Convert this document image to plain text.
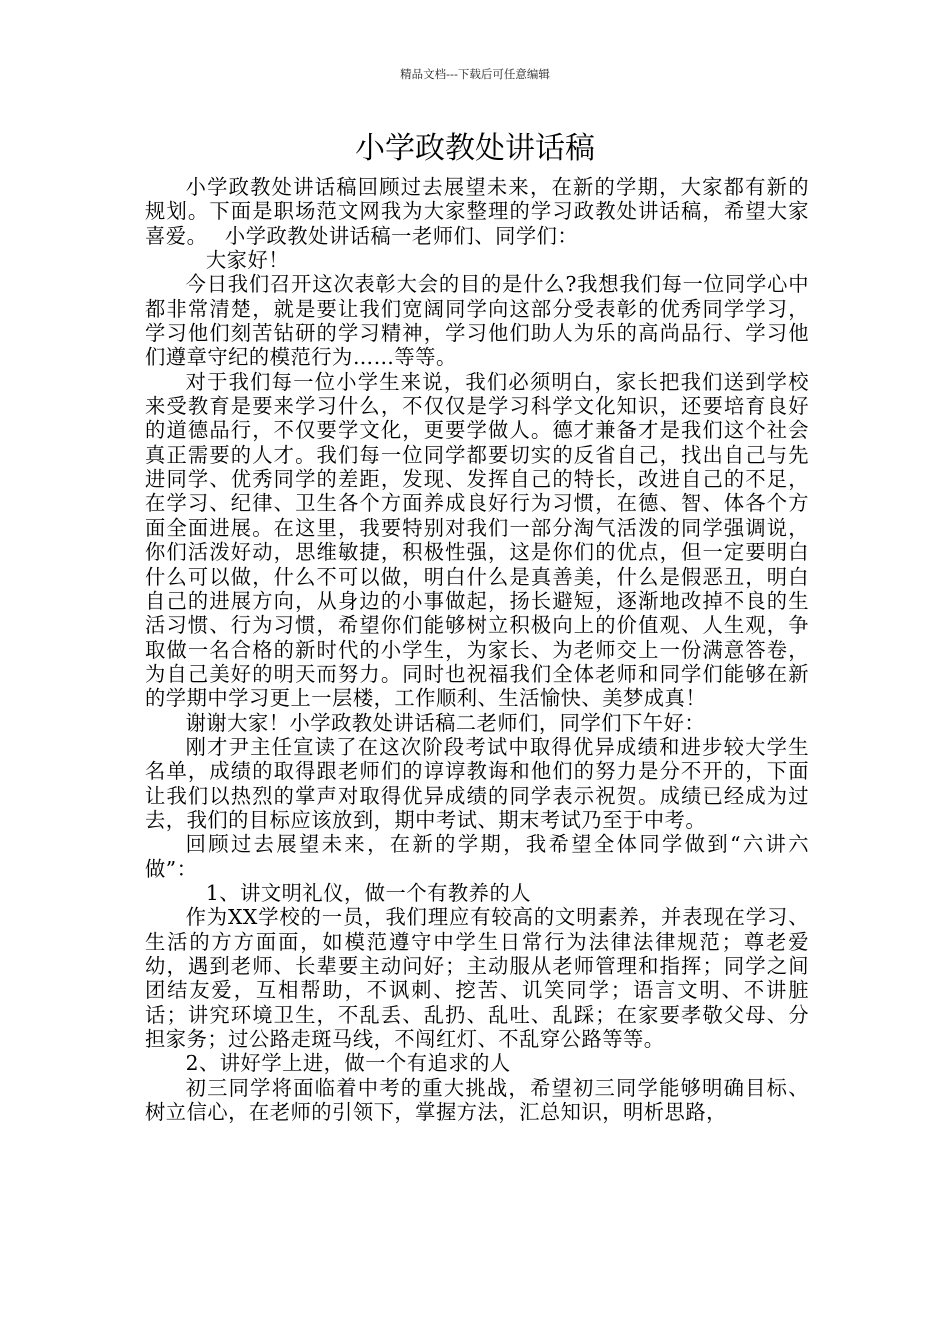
精品文档---下载后可任意编辑
小学政教处讲话稿

小学政教处讲话稿回顾过去展望未来，在新的学期，大家都有新的规划。下面是职场范文网我为大家整理的学习政教处讲话稿，希望大家喜爱。　 小学政教处讲话稿一老师们、同学们：

大家好！

今日我们召开这次表彰大会的目的是什么?我想我们每一位同学心中都非常清楚，就是要让我们宽阔同学向这部分受表彰的优秀同学学习，学习他们刻苦钻研的学习精神，学习他们助人为乐的高尚品行、学习他们遵章守纪的模范行为……等等。

对于我们每一位小学生来说，我们必须明白，家长把我们送到学校来受教育是要来学习什么，不仅仅是学习科学文化知识，还要培育良好的道德品行，不仅要学文化，更要学做人。德才兼备才是我们这个社会真正需要的人才。我们每一位同学都要切实的反省自己，找出自己与先进同学、优秀同学的差距，发现、发挥自己的特长，改进自己的不足，在学习、纪律、卫生各个方面养成良好行为习惯，在德、智、体各个方面全面进展。在这里，我要特别对我们一部分淘气活泼的同学强调说，你们活泼好动，思维敏捷，积极性强，这是你们的优点，但一定要明白什么可以做，什么不可以做，明白什么是真善美，什么是假恶丑，明白自己的进展方向，从身边的小事做起，扬长避短，逐渐地改掉不良的生活习惯、行为习惯，希望你们能够树立积极向上的价值观、人生观，争取做一名合格的新时代的小学生，为家长、为老师交上一份满意答卷，为自己美好的明天而努力。同时也祝福我们全体老师和同学们能够在新的学期中学习更上一层楼，工作顺利、生活愉快、美梦成真！

谢谢大家！小学政教处讲话稿二老师们，同学们下午好：

刚才尹主任宣读了在这次阶段考试中取得优异成绩和进步较大学生名单，成绩的取得跟老师们的谆谆教诲和他们的努力是分不开的，下面让我们以热烈的掌声对取得优异成绩的同学表示祝贺。成绩已经成为过去，我们的目标应该放到，期中考试、期末考试乃至于中考。

回顾过去展望未来，在新的学期，我希望全体同学做到“六讲六做”：

1、讲文明礼仪，做一个有教养的人

作为XX学校的一员，我们理应有较高的文明素养，并表现在学习、生活的方方面面，如模范遵守中学生日常行为法律法律规范；尊老爱幼，遇到老师、长辈要主动问好；主动服从老师管理和指挥；同学之间团结友爱，互相帮助，不讽刺、挖苦、讥笑同学；语言文明、不讲脏话；讲究环境卫生，不乱丢、乱扔、乱吐、乱踩；在家要孝敬父母、分担家务；过公路走斑马线，不闯红灯、不乱穿公路等等。

2、讲好学上进，做一个有追求的人

初三同学将面临着中考的重大挑战，希望初三同学能够明确目标、树立信心，在老师的引领下，掌握方法，汇总知识，明析思路，
